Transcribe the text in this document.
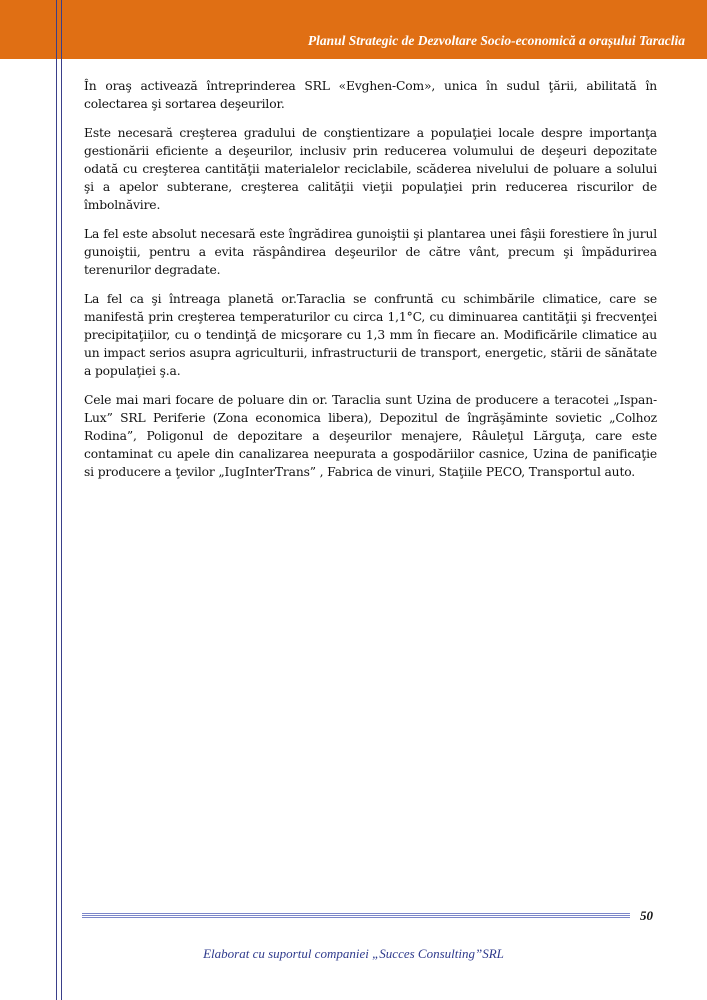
Planul Strategic de Dezvoltare Socio-economică a orașului Taraclia

În oraş activează întreprinderea SRL «Evghen-Com», unica în sudul ţării, abilitată în colectarea şi sortarea deşeurilor.

Este necesară creşterea gradului de conştientizare a populaţiei locale despre importanţa gestionării eficiente a deşeurilor, inclusiv prin reducerea volumului de deşeuri depozitate odată cu creşterea cantităţii materialelor reciclabile, scăderea nivelului de poluare a solului şi a apelor subterane, creşterea calităţii vieţii populaţiei prin reducerea riscurilor de îmbolnăvire.

La fel este absolut necesară este îngrădirea gunoiştii şi plantarea unei fâşii forestiere în jurul gunoiştii, pentru a evita răspândirea deşeurilor de către vânt, precum şi împădurirea terenurilor degradate.

La fel ca şi întreaga planetă or.Taraclia se confruntă cu schimbările climatice, care se manifestă prin creşterea temperaturilor cu circa 1,1°C, cu diminuarea cantităţii şi frecvenţei precipitaţiilor, cu o tendinţă de micşorare cu 1,3 mm în fiecare an. Modificările climatice au un impact serios asupra agriculturii, infrastructurii de transport, energetic, stării de sănătate a populaţiei ş.a.

Cele mai mari focare de poluare din or. Taraclia sunt Uzina de producere a teracotei „Ispan-Lux” SRL Periferie (Zona economica libera), Depozitul de îngrăşăminte sovietic „Colhoz Rodina”, Poligonul de depozitare a deşeurilor menajere, Râuleţul Lărguţa, care este contaminat cu apele din canalizarea neepurata a gospodăriilor casnice, Uzina de panificaţie si producere a ţevilor „IugInterTrans” , Fabrica de vinuri, Staţiile PECO, Transportul auto.

50
Elaborat cu suportul companiei „Succes Consulting”SRL
